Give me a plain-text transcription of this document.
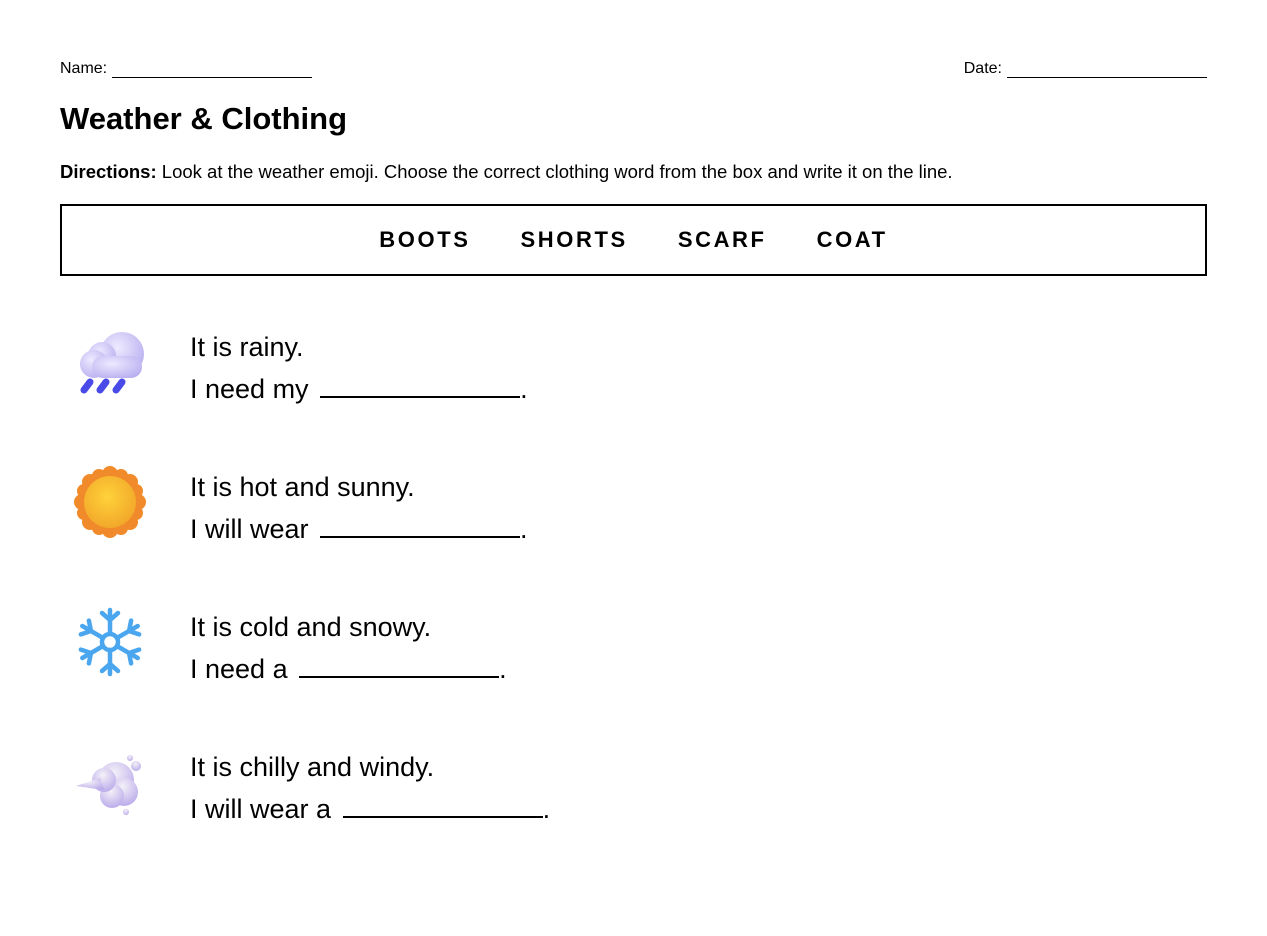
Name:	Date:
Weather & Clothing
Directions: Look at the weather emoji. Choose the correct clothing word from the box and write it on the line.
BOOTS SHORTS SCARF COAT
It is rainy.
I need my	.
It is hot and sunny.
I will wear	.
It is cold and snowy.
I need a	.
It is chilly and windy.
I will wear a	.
